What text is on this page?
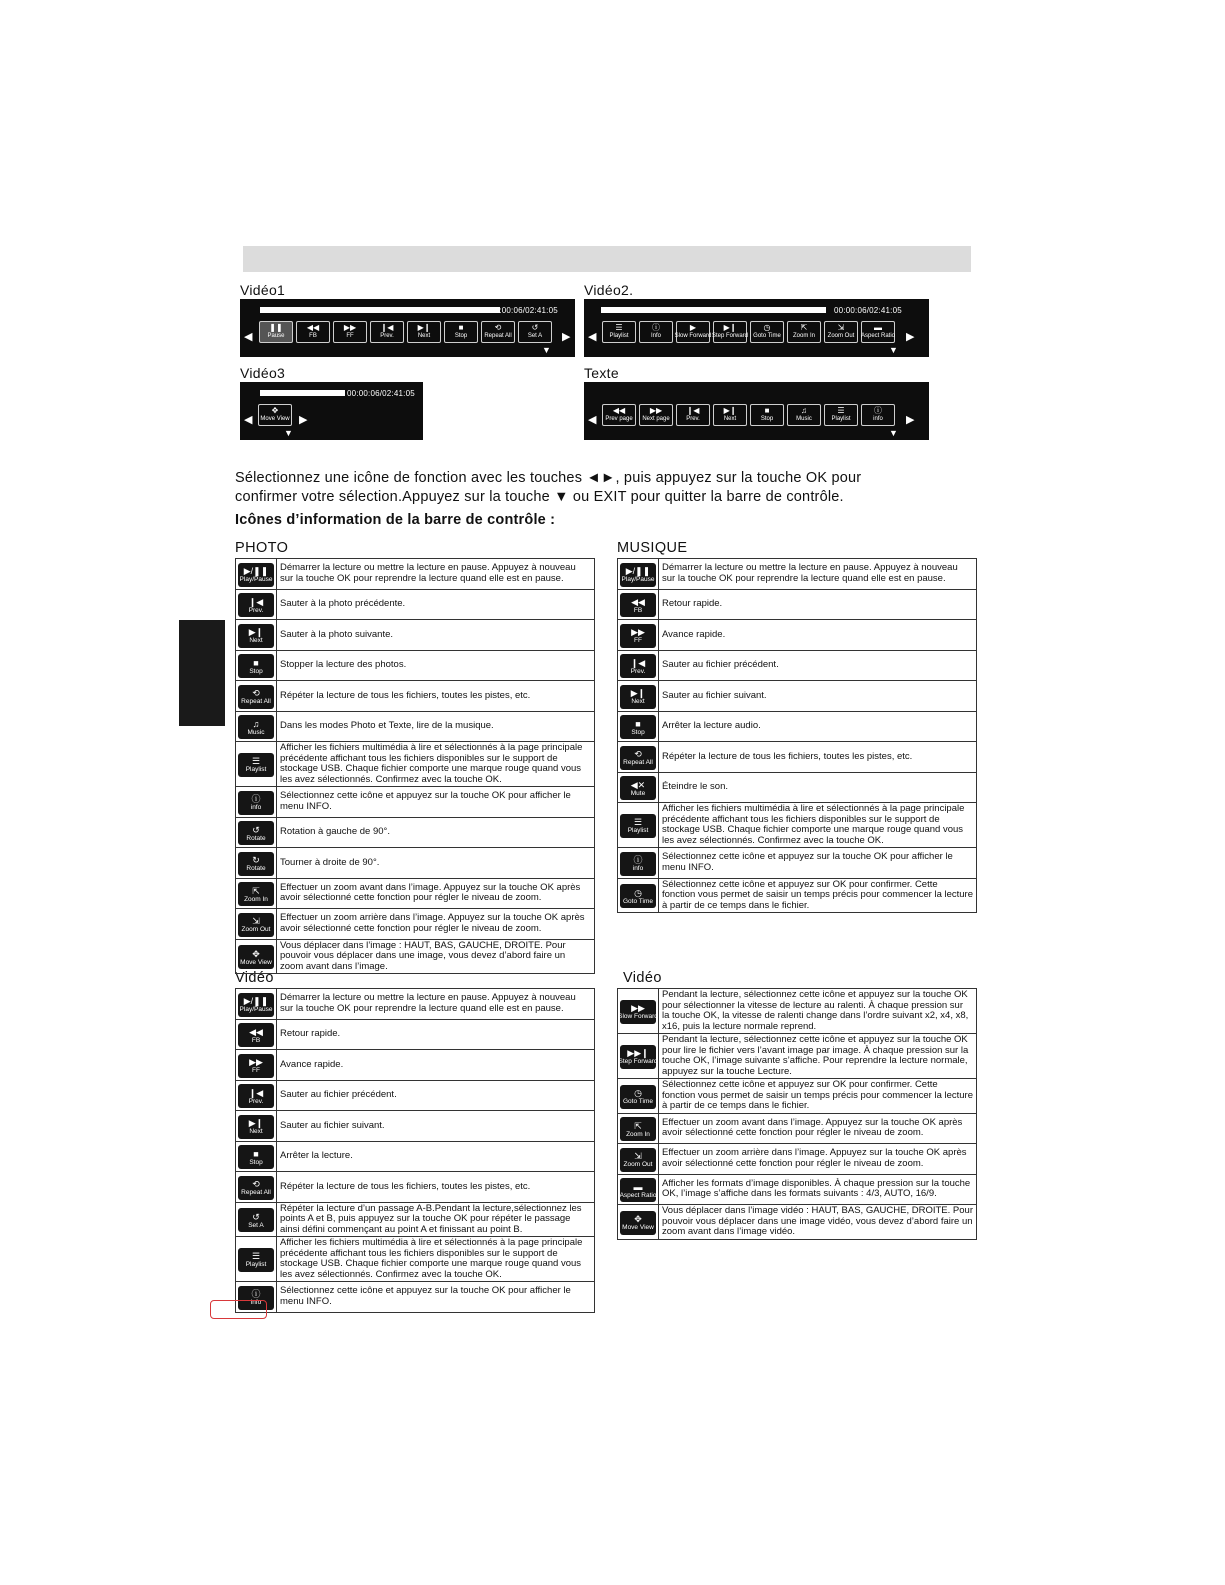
Vidéo1
00:00:06/02:41:05
◀
❚❚
Pause
◀◀
FB
▶▶
FF
❙◀
Prev.
▶❙
Next
■
Stop
⟲
Repeat All
↺
Set A ▶
▼
Vidéo2.
00:00:06/02:41:05
◀
☰
Playlist
ⓘ
Info
▶
Slow Forward
▶❙
Step Forward
◷
Goto Time
⇱
Zoom In
⇲
Zoom Out
▬
Aspect Ratio ▶
▼
Vidéo3
00:00:06/02:41:05
◀
✥
Move View ▶
▼
Texte
◀
◀◀
Prev page
▶▶
Next page
❙◀
Prev.
▶❙
Next
■
Stop
♫
Music
☰
Playlist
ⓘ
info ▶
▼
Sélectionnez une icône de fonction avec les touches ◄►, puis appuyez sur la touche OK pour
confirmer votre sélection.Appuyez sur la touche ▼ ou EXIT pour quitter la barre de contrôle.
Icônes d’information de la barre de contrôle :
PHOTO	MUSIQUE
Vidéo	Vidéo
▶/❚❚
Play/Pause	Démarrer la lecture ou mettre la lecture en pause. Appuyez à nouveau sur la touche OK pour reprendre la lecture quand elle est en pause.

❙◀
Prev.	Sauter à la photo précédente.

▶❙
Next	Sauter à la photo suivante.

■
Stop	Stopper la lecture des photos.

⟲
Repeat All	Répéter la lecture de tous les fichiers, toutes les pistes, etc.

♫
Music	Dans les modes Photo et Texte, lire de la musique.

☰
Playlist	Afficher les fichiers multimédia à lire et sélectionnés à la page principale précédente affichant tous les fichiers disponibles sur le support de stockage USB. Chaque fichier comporte une marque rouge quand vous les avez sélectionnés. Confirmez avec la touche OK.

ⓘ
info	Sélectionnez cette icône et appuyez sur la touche OK pour afficher le menu INFO.

↺
Rotate	Rotation à gauche de 90°.

↻
Rotate	Tourner à droite de 90°.

⇱
Zoom In	Effectuer un zoom avant dans l’image. Appuyez sur la touche OK après avoir sélectionné cette fonction pour régler le niveau de zoom.

⇲
Zoom Out	Effectuer un zoom arrière dans l’image. Appuyez sur la touche OK après avoir sélectionné cette fonction pour régler le niveau de zoom.

✥
Move View	Vous déplacer dans l’image : HAUT, BAS, GAUCHE, DROITE. Pour pouvoir vous déplacer dans une image, vous devez d’abord faire un zoom avant dans l’image.
▶/❚❚
Play/Pause	Démarrer la lecture ou mettre la lecture en pause. Appuyez à nouveau sur la touche OK pour reprendre la lecture quand elle est en pause.

◀◀
FB	Retour rapide.

▶▶
FF	Avance rapide.

❙◀
Prev.	Sauter au fichier précédent.

▶❙
Next	Sauter au fichier suivant.

■
Stop	Arrêter la lecture audio.

⟲
Repeat All	Répéter la lecture de tous les fichiers, toutes les pistes, etc.

◀✕
Mute	Éteindre le son.

☰
Playlist	Afficher les fichiers multimédia à lire et sélectionnés à la page principale précédente affichant tous les fichiers disponibles sur le support de stockage USB. Chaque fichier comporte une marque rouge quand vous les avez sélectionnés. Confirmez avec la touche OK.

ⓘ
info	Sélectionnez cette icône et appuyez sur la touche OK pour afficher le menu INFO.

◷
Goto Time	Sélectionnez cette icône et appuyez sur OK pour confirmer. Cette fonction vous permet de saisir un temps précis pour commencer la lecture à partir de ce temps dans le fichier.
▶/❚❚
Play/Pause	Démarrer la lecture ou mettre la lecture en pause. Appuyez à nouveau sur la touche OK pour reprendre la lecture quand elle est en pause.

◀◀
FB	Retour rapide.

▶▶
FF	Avance rapide.

❙◀
Prev.	Sauter au fichier précédent.

▶❙
Next	Sauter au fichier suivant.

■
Stop	Arrêter la lecture.

⟲
Repeat All	Répéter la lecture de tous les fichiers, toutes les pistes, etc.

↺
Set A	Répéter la lecture d’un passage A-B.Pendant la lecture,sélectionnez les points A et B, puis appuyez sur la touche OK pour répéter le passage ainsi défini commençant au point A et finissant au point B.

☰
Playlist	Afficher les fichiers multimédia à lire et sélectionnés à la page principale précédente affichant tous les fichiers disponibles sur le support de stockage USB. Chaque fichier comporte une marque rouge quand vous les avez sélectionnés. Confirmez avec la touche OK.

ⓘ
info	Sélectionnez cette icône et appuyez sur la touche OK pour afficher le menu INFO.
▶▶
Slow Forward	Pendant la lecture, sélectionnez cette icône et appuyez sur la touche OK pour sélectionner la vitesse de lecture au ralenti. À chaque pression sur la touche OK, la vitesse de ralenti change dans l’ordre suivant x2, x4, x8, x16, puis la lecture normale reprend.

▶▶❙
Step Forward	Pendant la lecture, sélectionnez cette icône et appuyez sur la touche OK pour lire le fichier vers l’avant image par image. À chaque pression sur la touche OK, l’image suivante s’affiche. Pour reprendre la lecture normale, appuyez sur la touche Lecture.

◷
Goto Time	Sélectionnez cette icône et appuyez sur OK pour confirmer. Cette fonction vous permet de saisir un temps précis pour commencer la lecture à partir de ce temps dans le fichier.

⇱
Zoom In	Effectuer un zoom avant dans l’image. Appuyez sur la touche OK après avoir sélectionné cette fonction pour régler le niveau de zoom.

⇲
Zoom Out	Effectuer un zoom arrière dans l’image. Appuyez sur la touche OK après avoir sélectionné cette fonction pour régler le niveau de zoom.

▬
Aspect Ratio	Afficher les formats d’image disponibles. À chaque pression sur la touche OK, l’image s’affiche dans les formats suivants : 4/3, AUTO, 16/9.

✥
Move View	Vous déplacer dans l’image vidéo : HAUT, BAS, GAUCHE, DROITE. Pour pouvoir vous déplacer dans une image vidéo, vous devez d’abord faire un zoom avant dans l’image vidéo.
